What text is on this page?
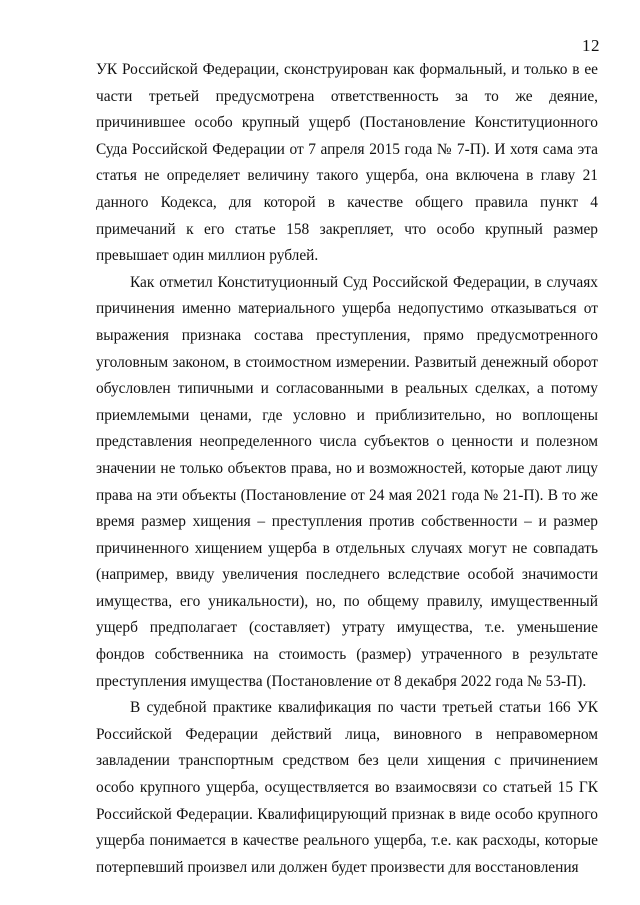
12

УК Российской Федерации, сконструирован как формальный, и только в ее части третьей предусмотрена ответственность за то же деяние, причинившее особо крупный ущерб (Постановление Конституционного Суда Российской Федерации от 7 апреля 2015 года № 7-П). И хотя сама эта статья не определяет величину такого ущерба, она включена в главу 21 данного Кодекса, для которой в качестве общего правила пункт 4 примечаний к его статье 158 закрепляет, что особо крупный размер превышает один миллион рублей.

Как отметил Конституционный Суд Российской Федерации, в случаях причинения именно материального ущерба недопустимо отказываться от выражения признака состава преступления, прямо предусмотренного уголовным законом, в стоимостном измерении. Развитый денежный оборот обусловлен типичными и согласованными в реальных сделках, а потому приемлемыми ценами, где условно и приблизительно, но воплощены представления неопределенного числа субъектов о ценности и полезном значении не только объектов права, но и возможностей, которые дают лицу права на эти объекты (Постановление от 24 мая 2021 года № 21-П). В то же время размер хищения – преступления против собственности – и размер причиненного хищением ущерба в отдельных случаях могут не совпадать (например, ввиду увеличения последнего вследствие особой значимости имущества, его уникальности), но, по общему правилу, имущественный ущерб предполагает (составляет) утрату имущества, т.е. уменьшение фондов собственника на стоимость (размер) утраченного в результате преступления имущества (Постановление от 8 декабря 2022 года № 53-П).

В судебной практике квалификация по части третьей статьи 166 УК Российской Федерации действий лица, виновного в неправомерном завладении транспортным средством без цели хищения с причинением особо крупного ущерба, осуществляется во взаимосвязи со статьей 15 ГК Российской Федерации. Квалифицирующий признак в виде особо крупного ущерба понимается в качестве реального ущерба, т.е. как расходы, которые потерпевший произвел или должен будет произвести для восстановления
